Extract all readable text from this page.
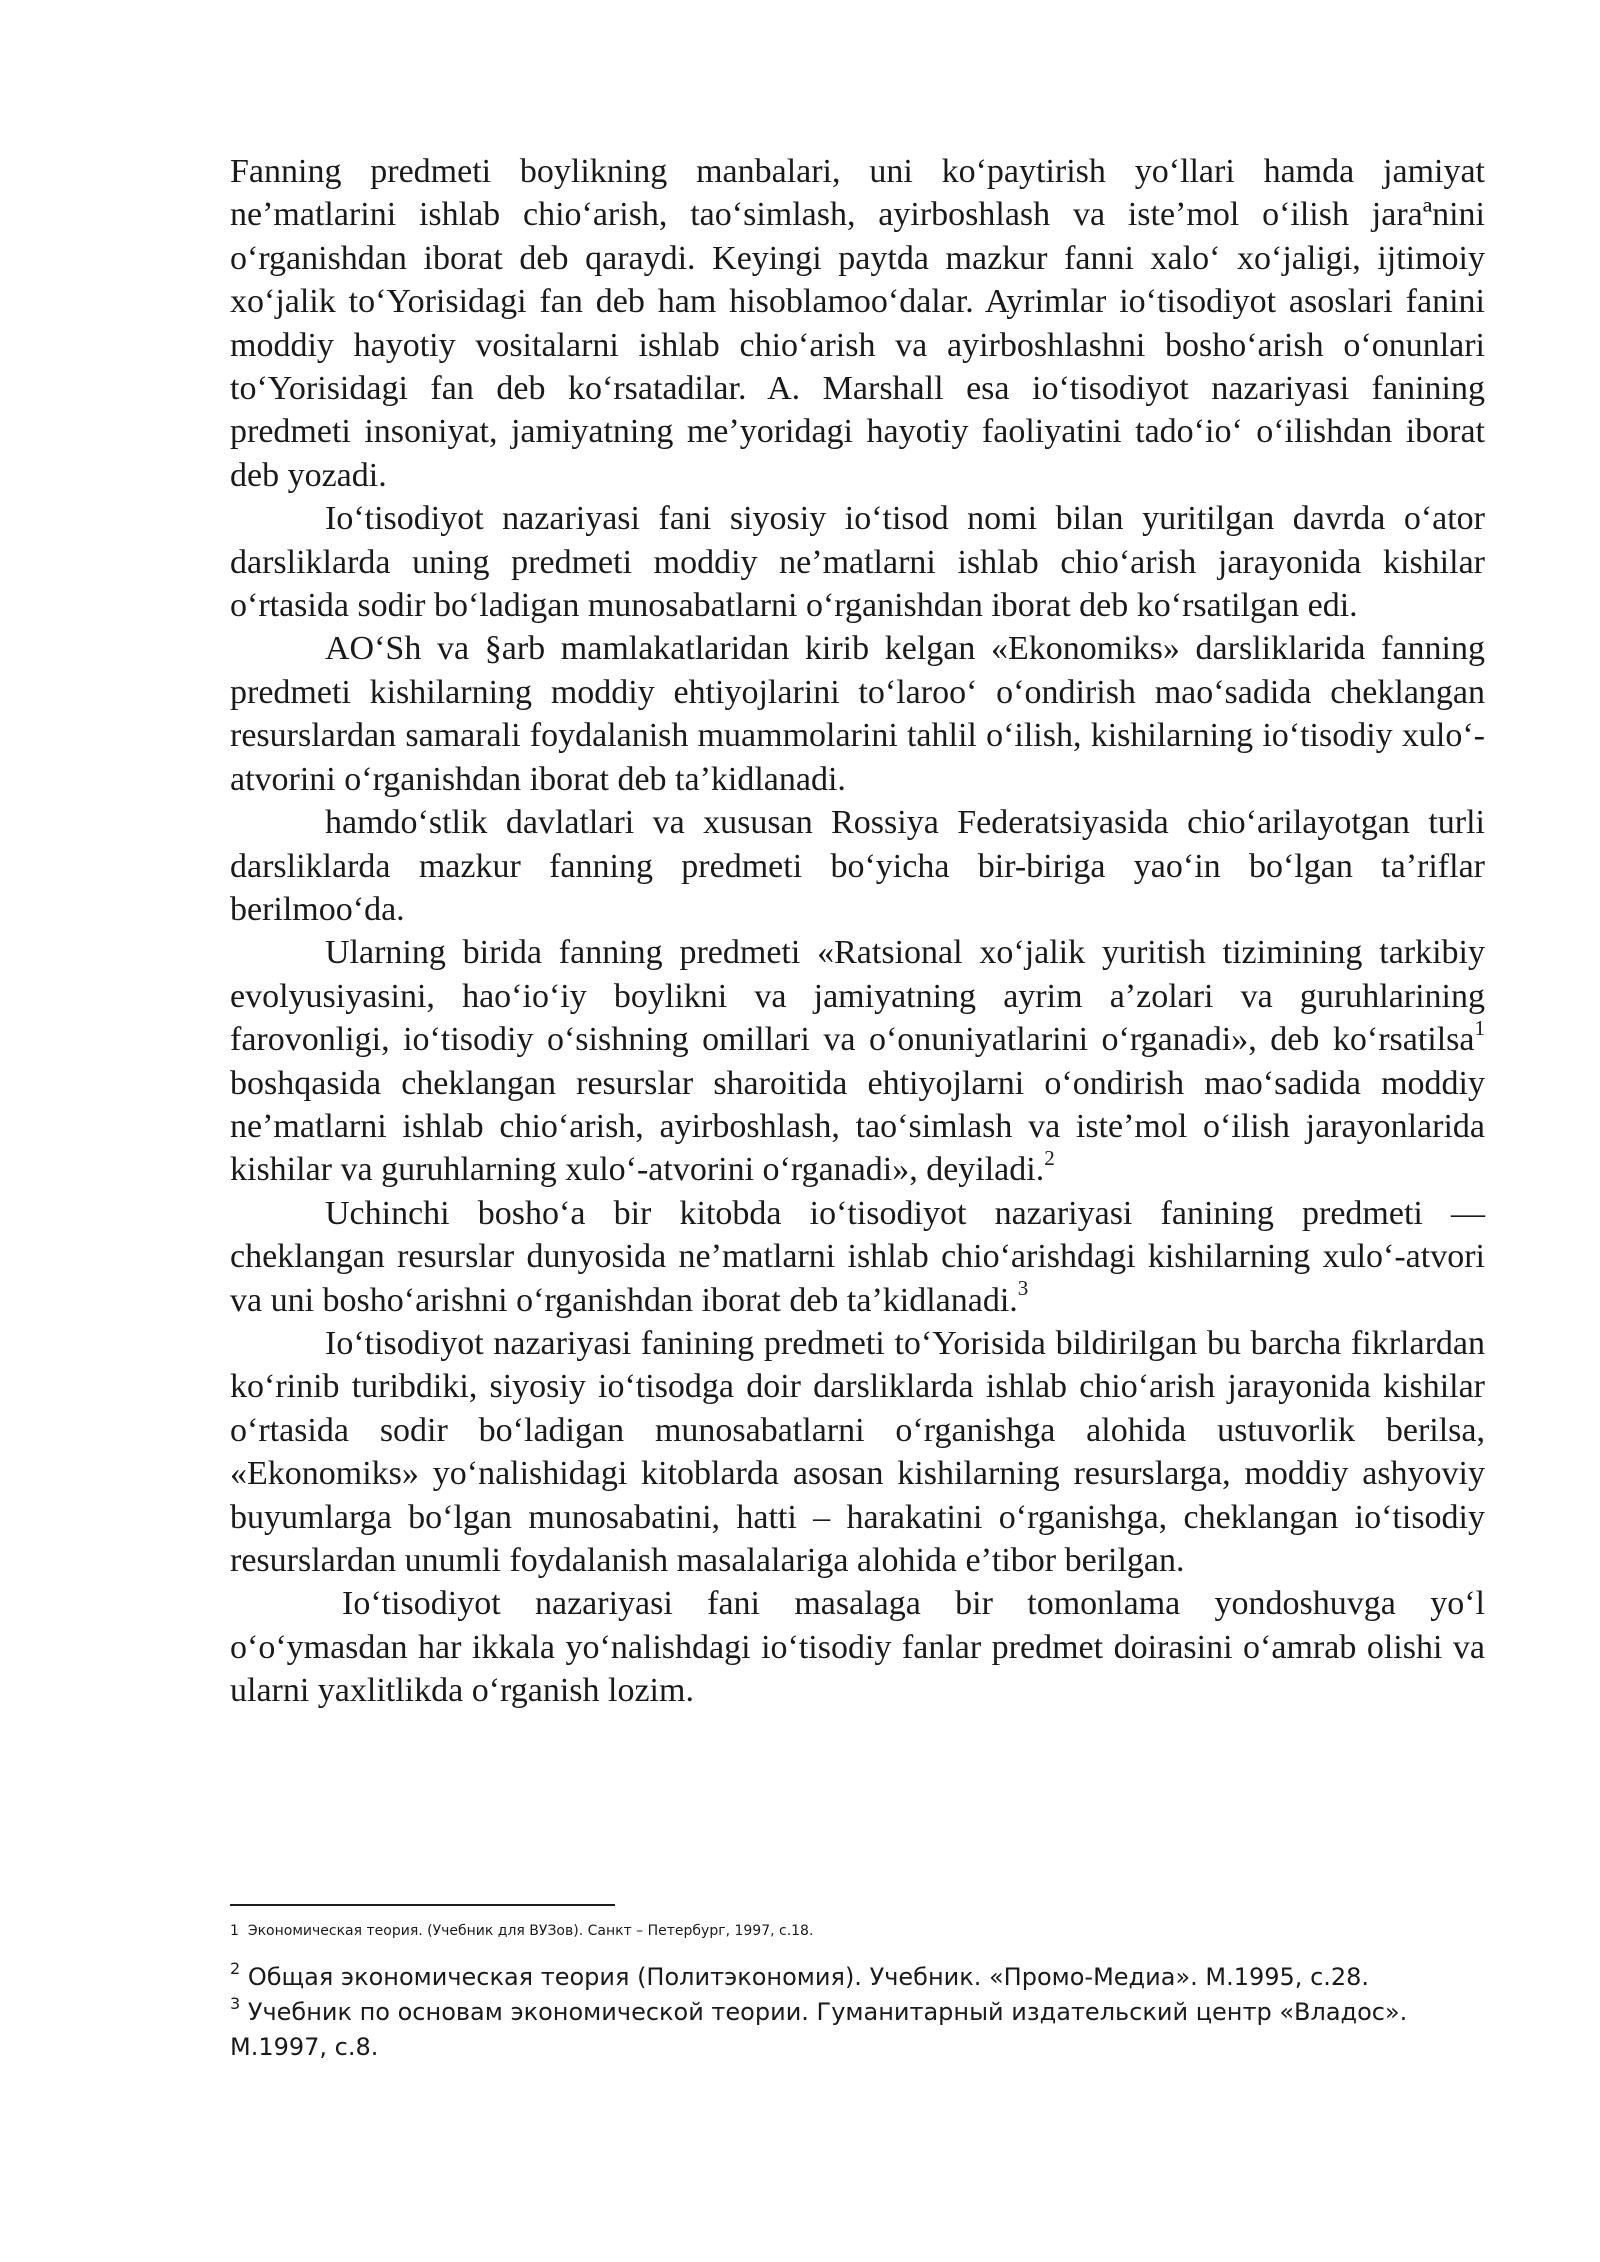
Fanning predmeti boylikning manbalari, uni koʻpaytirish yoʻllari hamda jamiyat neʼmatlarini ishlab chioʻarish, taoʻsimlash, ayirboshlash va isteʼmol oʻilish jaraªnini oʻrganishdan iborat deb qaraydi. Keyingi paytda mazkur fanni xaloʻ xoʻjaligi, ijtimoiy xoʻjalik toʻYorisidagi fan deb ham hisoblamooʻdalar. Ayrimlar ioʻtisodiyot asoslari fanini moddiy hayotiy vositalarni ishlab chioʻarish va ayirboshlashni boshoʻarish oʻonunlari toʻYorisidagi fan deb koʻrsatadilar. A. Marshall esa ioʻtisodiyot nazariyasi fanining predmeti insoniyat, jamiyatning meʼyoridagi hayotiy faoliyatini tadoʻioʻ oʻilishdan iborat deb yozadi.

Ioʻtisodiyot nazariyasi fani siyosiy ioʻtisod nomi bilan yuritilgan davrda oʻator darsliklarda uning predmeti moddiy neʼmatlarni ishlab chioʻarish jarayonida kishilar oʻrtasida sodir boʻladigan munosabatlarni oʻrganishdan iborat deb koʻrsatilgan edi.

AOʻSh va §arb mamlakatlaridan kirib kelgan «Ekonomiks» darsliklarida fanning predmeti kishilarning moddiy ehtiyojlarini toʻlarooʻ oʻondirish maoʻsadida cheklangan resurslardan samarali foydalanish muammolarini tahlil oʻilish, kishilarning ioʻtisodiy xuloʻ-atvorini oʻrganishdan iborat deb taʼkidlanadi.

hamdoʻstlik davlatlari va xususan Rossiya Federatsiyasida chioʻarilayotgan turli darsliklarda mazkur fanning predmeti boʻyicha bir-biriga yaoʻin boʻlgan taʼriflar berilmooʻda.

Ularning birida fanning predmeti «Ratsional xoʻjalik yuritish tizimining tarkibiy evolyusiyasini, haoʻioʻiy boylikni va jamiyatning ayrim aʼzolari va guruhlarining farovonligi, ioʻtisodiy oʻsishning omillari va oʻonuniyatlarini oʻrganadi», deb koʻrsatilsa$^1$ boshqasida cheklangan resurslar sharoitida ehtiyojlarni oʻondirish maoʻsadida moddiy neʼmatlarni ishlab chioʻarish, ayirboshlash, taoʻsimlash va isteʼmol oʻilish jarayonlarida kishilar va guruhlarning xuloʻ-atvorini oʻrganadi», deyiladi.$^2$

Uchinchi boshoʻa bir kitobda ioʻtisodiyot nazariyasi fanining predmeti — cheklangan resurslar dunyosida neʼmatlarni ishlab chioʻarishdagi kishilarning xuloʻ-atvori va uni boshoʻarishni oʻrganishdan iborat deb taʼkidlanadi.$^3$

Ioʻtisodiyot nazariyasi fanining predmeti toʻYorisida bildirilgan bu barcha fikrlardan koʻrinib turibdiki, siyosiy ioʻtisodga doir darsliklarda ishlab chioʻarish jarayonida kishilar oʻrtasida sodir boʻladigan munosabatlarni oʻrganishga alohida ustuvorlik berilsa, «Ekonomiks» yoʻnalishidagi kitoblarda asosan kishilarning resurslarga, moddiy ashyoviy buyumlarga boʻlgan munosabatini, hatti – harakatini oʻrganishga, cheklangan ioʻtisodiy resurslardan unumli foydalanish masalalariga alohida eʼtibor berilgan.

Ioʻtisodiyot nazariyasi fani masalaga bir tomonlama yondoshuvga yoʻl oʻoʻymasdan har ikkala yoʻnalishdagi ioʻtisodiy fanlar predmet doirasini oʻamrab olishi va ularni yaxlitlikda oʻrganish lozim.

1 Экономическая теория. (Учебник для ВУЗов). Санкт – Петербург, 1997, с.18.

$^2$ Общая экономическая теория (Политэкономия). Учебник. «Промо-Медиа». М.1995, с.28.

$^3$ Учебник по основам экономической теории. Гуманитарный издательский центр «Владос». М.1997, с.8.
